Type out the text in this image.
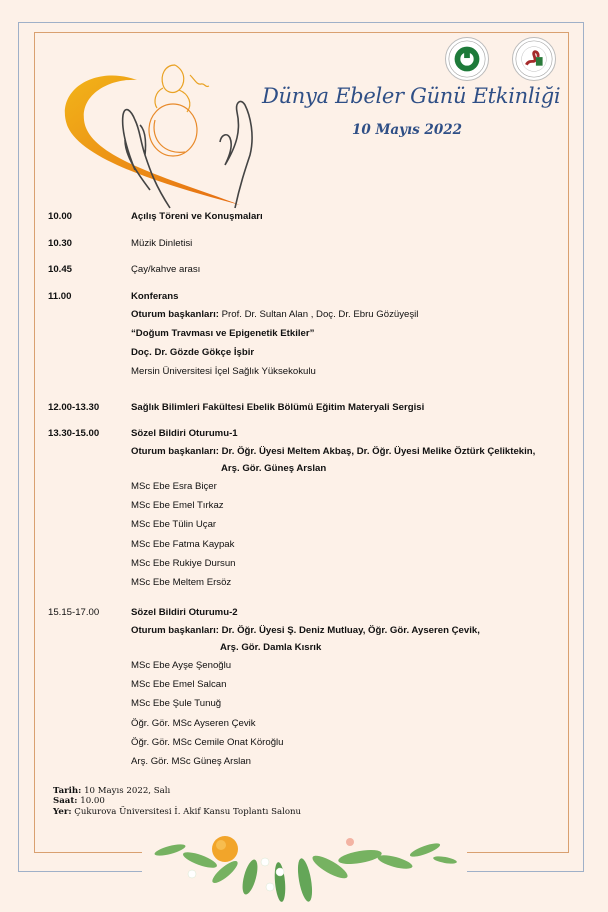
Dünya Ebeler Günü Etkinliği
10 Mayıs 2022
10.00	Açılış Töreni ve Konuşmaları
10.30	Müzik Dinletisi
10.45	Çay/kahve arası
11.00	Konferans
Oturum başkanları: Prof. Dr. Sultan Alan , Doç. Dr. Ebru Gözüyeşil
“Doğum Travması ve Epigenetik Etkiler”
Doç. Dr. Gözde Gökçe İşbir
Mersin Üniversitesi İçel Sağlık Yüksekokulu
12.00-13.30	Sağlık Bilimleri Fakültesi Ebelik Bölümü Eğitim Materyali Sergisi
13.30-15.00	Sözel Bildiri Oturumu-1
Oturum başkanları: Dr. Öğr. Üyesi Meltem Akbaş, Dr. Öğr. Üyesi Melike Öztürk Çeliktekin,
Arş. Gör. Güneş Arslan
MSc Ebe Esra Biçer
MSc Ebe Emel Tırkaz
MSc Ebe Tülin Uçar
MSc Ebe Fatma Kaypak
MSc Ebe Rukiye Dursun
MSc Ebe Meltem Ersöz
15.15-17.00	Sözel Bildiri Oturumu-2
Oturum başkanları: Dr. Öğr. Üyesi Ş. Deniz Mutluay, Öğr. Gör. Ayseren Çevik,
Arş. Gör. Damla Kısrık
MSc Ebe Ayşe Şenoğlu
MSc Ebe Emel Salcan
MSc Ebe Şule Tunuğ
Öğr. Gör. MSc Ayseren Çevik
Öğr. Gör. MSc Cemile Onat Köroğlu
Arş. Gör. MSc Güneş Arslan
Tarih: 10 Mayıs 2022, Salı
Saat: 10.00
Yer: Çukurova Üniversitesi İ. Akif Kansu Toplantı Salonu
